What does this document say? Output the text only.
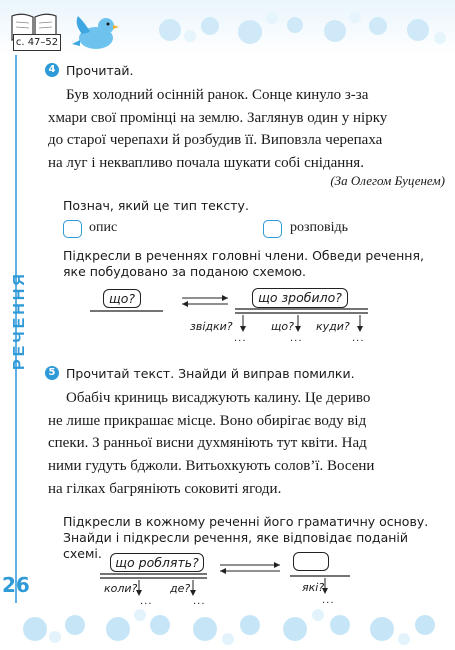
с. 47–52
РЕЧЕННЯ
26
4 Прочитай.
Був холодний осінній ранок. Сонце кинуло з-за
хмари свої промінці на землю. Заглянув один у нірку
до старої черепахи й розбудив її. Виповзла черепаха
на луг і неквапливо почала шукати собі снідання.
(За Олегом Буценем)
Познач, який це тип тексту.
опис	розповідь
Підкресли в реченнях головні члени. Обведи речення, яке побудовано за поданою схемою.
що?	що зробило?
звідки?	що? куди?
...	...	...
5 Прочитай текст. Знайди й виправ помилки.
Обабіч криниць висаджують калину. Це дериво
не лише прикрашає місце. Воно обирігає воду від
спеки. З ранньої висни духмяніють тут квіти. Над
ними гудуть бджоли. Витьохкують солов’ї. Восени
на гілках багряніють соковиті ягоди.
Підкресли в кожному реченні його граматичну основу.
Знайди і підкресли речення, яке відповідає поданій схемі.
що роблять?
коли?	де?	які?
...	...	...
